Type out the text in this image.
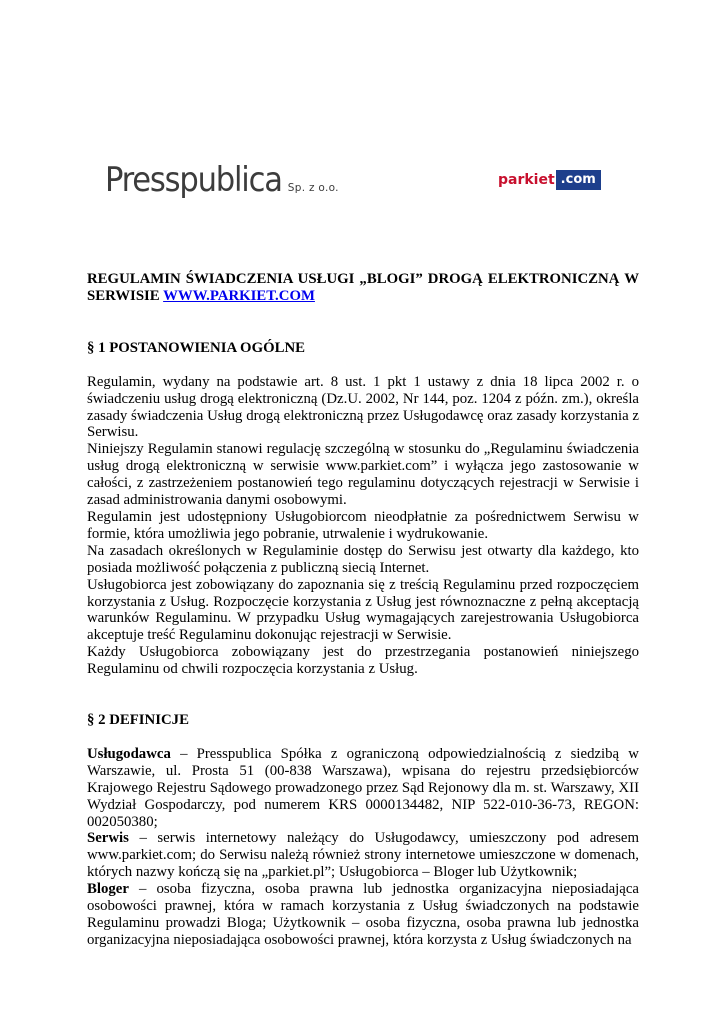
Presspublica Sp. z o.o.	parkiet .com

REGULAMIN ŚWIADCZENIA USŁUGI „BLOGI” DROGĄ ELEKTRONICZNĄ W SERWISIE WWW.PARKIET.COM

§ 1 POSTANOWIENIA OGÓLNE

Regulamin, wydany na podstawie art. 8 ust. 1 pkt 1 ustawy z dnia 18 lipca 2002 r. o świadczeniu usług drogą elektroniczną (Dz.U. 2002, Nr 144, poz. 1204 z późn. zm.), określa zasady świadczenia Usług drogą elektroniczną przez Usługodawcę oraz zasady korzystania z Serwisu.

Niniejszy Regulamin stanowi regulację szczególną w stosunku do „Regulaminu świadczenia usług drogą elektroniczną w serwisie www.parkiet.com” i wyłącza jego zastosowanie w całości, z zastrzeżeniem postanowień tego regulaminu dotyczących rejestracji w Serwisie i zasad administrowania danymi osobowymi.

Regulamin jest udostępniony Usługobiorcom nieodpłatnie za pośrednictwem Serwisu w formie, która umożliwia jego pobranie, utrwalenie i wydrukowanie.

Na zasadach określonych w Regulaminie dostęp do Serwisu jest otwarty dla każdego, kto posiada możliwość połączenia z publiczną siecią Internet.

Usługobiorca jest zobowiązany do zapoznania się z treścią Regulaminu przed rozpoczęciem korzystania z Usług. Rozpoczęcie korzystania z Usług jest równoznaczne z pełną akceptacją warunków Regulaminu. W przypadku Usług wymagających zarejestrowania Usługobiorca akceptuje treść Regulaminu dokonując rejestracji w Serwisie.

Każdy Usługobiorca zobowiązany jest do przestrzegania postanowień niniejszego Regulaminu od chwili rozpoczęcia korzystania z Usług.

§ 2 DEFINICJE

Usługodawca – Presspublica Spółka z ograniczoną odpowiedzialnością z siedzibą w Warszawie, ul. Prosta 51 (00-838 Warszawa), wpisana do rejestru przedsiębiorców Krajowego Rejestru Sądowego prowadzonego przez Sąd Rejonowy dla m. st. Warszawy, XII Wydział Gospodarczy, pod numerem KRS 0000134482, NIP 522-010-36-73, REGON: 002050380;

Serwis – serwis internetowy należący do Usługodawcy, umieszczony pod adresem www.parkiet.com; do Serwisu należą również strony internetowe umieszczone w domenach, których nazwy kończą się na „parkiet.pl”; Usługobiorca – Bloger lub Użytkownik;

Bloger – osoba fizyczna, osoba prawna lub jednostka organizacyjna nieposiadająca osobowości prawnej, która w ramach korzystania z Usług świadczonych na podstawie Regulaminu prowadzi Bloga; Użytkownik – osoba fizyczna, osoba prawna lub jednostka organizacyjna nieposiadająca osobowości prawnej, która korzysta z Usług świadczonych na
